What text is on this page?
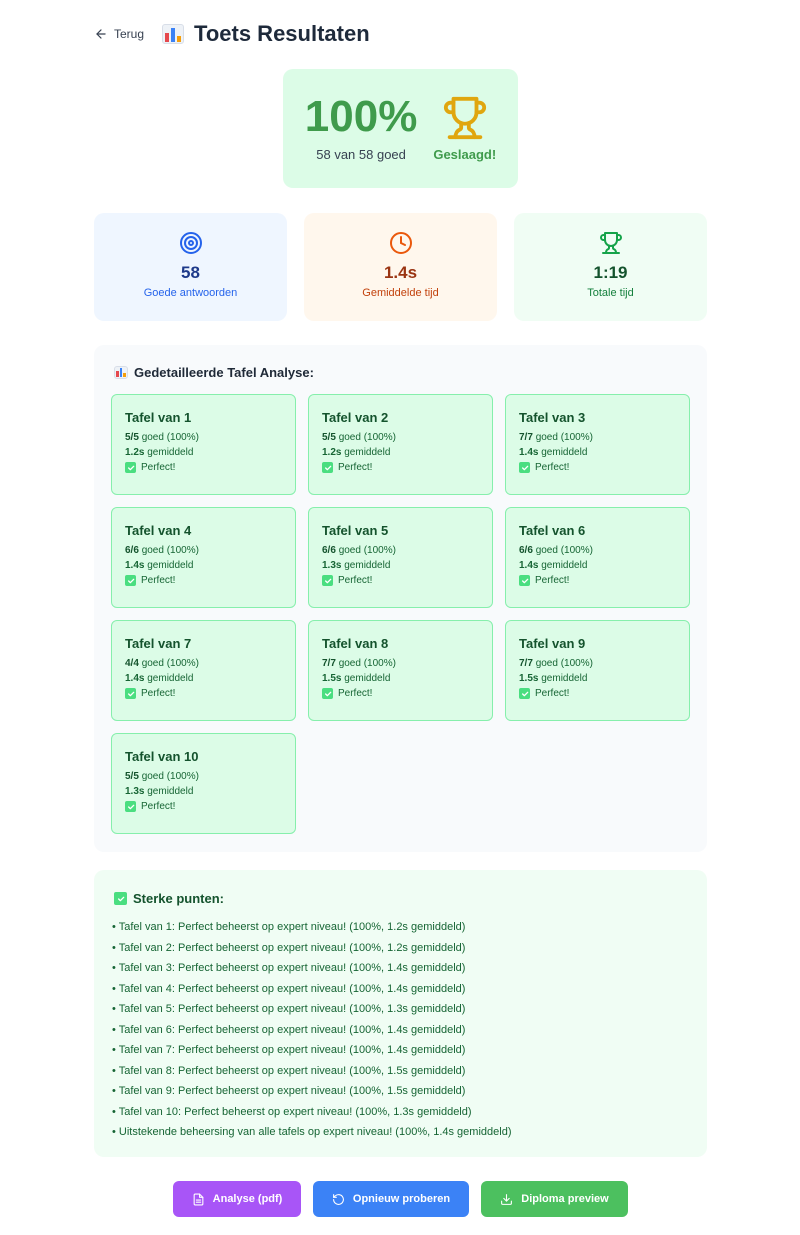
Terug Toets Resultaten
100%
58 van 58 goed	Geslaagd!
58
Goede antwoorden
1.4s
Gemiddelde tijd
1:19
Totale tijd
Gedetailleerde Tafel Analyse:
Tafel van 1
5/5 goed (100%)
1.2s gemiddeld
Perfect!
Tafel van 2
5/5 goed (100%)
1.2s gemiddeld
Perfect!
Tafel van 3
7/7 goed (100%)
1.4s gemiddeld
Perfect!
Tafel van 4
6/6 goed (100%)
1.4s gemiddeld
Perfect!
Tafel van 5
6/6 goed (100%)
1.3s gemiddeld
Perfect!
Tafel van 6
6/6 goed (100%)
1.4s gemiddeld
Perfect!
Tafel van 7
4/4 goed (100%)
1.4s gemiddeld
Perfect!
Tafel van 8
7/7 goed (100%)
1.5s gemiddeld
Perfect!
Tafel van 9
7/7 goed (100%)
1.5s gemiddeld
Perfect!
Tafel van 10
5/5 goed (100%)
1.3s gemiddeld
Perfect!
Sterke punten:
• Tafel van 1: Perfect beheerst op expert niveau! (100%, 1.2s gemiddeld)
• Tafel van 2: Perfect beheerst op expert niveau! (100%, 1.2s gemiddeld)
• Tafel van 3: Perfect beheerst op expert niveau! (100%, 1.4s gemiddeld)
• Tafel van 4: Perfect beheerst op expert niveau! (100%, 1.4s gemiddeld)
• Tafel van 5: Perfect beheerst op expert niveau! (100%, 1.3s gemiddeld)
• Tafel van 6: Perfect beheerst op expert niveau! (100%, 1.4s gemiddeld)
• Tafel van 7: Perfect beheerst op expert niveau! (100%, 1.4s gemiddeld)
• Tafel van 8: Perfect beheerst op expert niveau! (100%, 1.5s gemiddeld)
• Tafel van 9: Perfect beheerst op expert niveau! (100%, 1.5s gemiddeld)
• Tafel van 10: Perfect beheerst op expert niveau! (100%, 1.3s gemiddeld)
• Uitstekende beheersing van alle tafels op expert niveau! (100%, 1.4s gemiddeld)
Analyse (pdf)	Opnieuw proberen	Diploma preview
